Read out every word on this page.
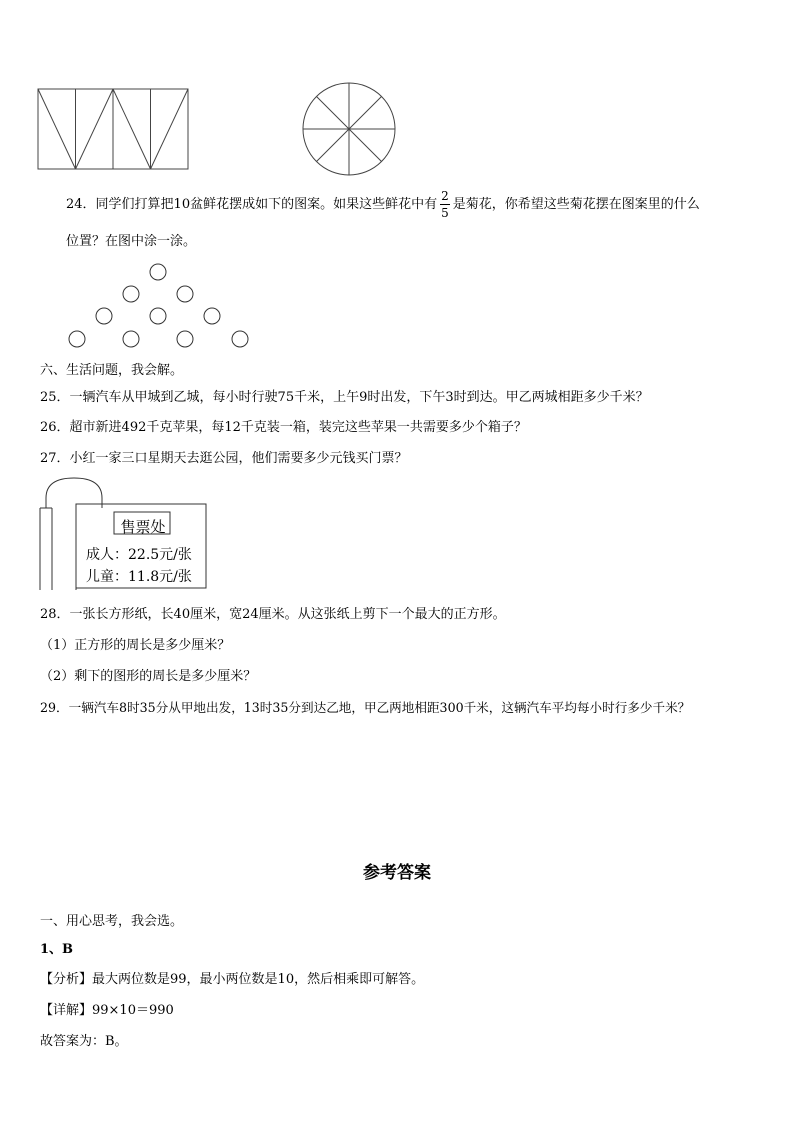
24．同学们打算把10盆鲜花摆成如下的图案。如果这些鲜花中有 $\frac{2}{5}$ 是菊花，你希望这些菊花摆在图案里的什么
位置？在图中涂一涂。
六、生活问题，我会解。
25．一辆汽车从甲城到乙城，每小时行驶75千米，上午9时出发，下午3时到达。甲乙两城相距多少千米？
26．超市新进492千克苹果，每12千克装一箱，装完这些苹果一共需要多少个箱子？
27．小红一家三口星期天去逛公园，他们需要多少元钱买门票？
售票处
成人：22.5元/张
儿童：11.8元/张
28．一张长方形纸，长40厘米，宽24厘米。从这张纸上剪下一个最大的正方形。
（1）正方形的周长是多少厘米？
（2）剩下的图形的周长是多少厘米？
29．一辆汽车8时35分从甲地出发，13时35分到达乙地，甲乙两地相距300千米，这辆汽车平均每小时行多少千米？
参考答案
一、用心思考，我会选。
1、B
【分析】最大两位数是99，最小两位数是10，然后相乘即可解答。
【详解】99×10＝990
故答案为：B。
